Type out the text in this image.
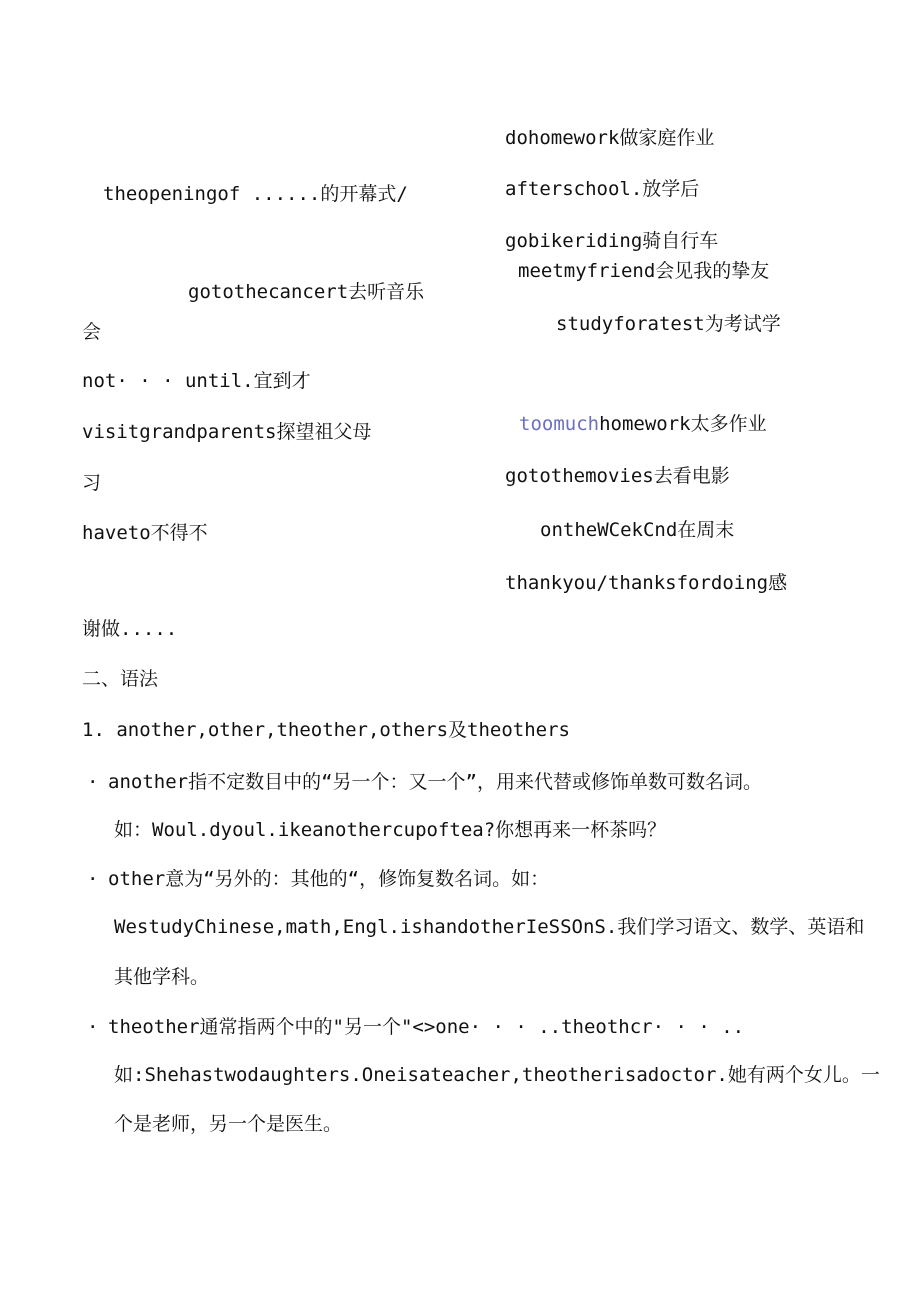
dohomework做家庭作业
afterschool.放学后
gobikeriding骑自行车
meetmyfriend会见我的挚友
studyforatest为考试学
theopeningof ......的开幕式/
gotothecancert去听音乐
会
not· · · until.宜到才
visitgrandparents探望祖父母
习
haveto不得不
toomuchhomework太多作业
gotothemovies去看电影
ontheWCekCnd在周末
thankyou/thanksfordoing感
谢做.....
二、语法
1. another,other,theother,others及theothers
· another指不定数目中的“另一个：又一个”，用来代替或修饰单数可数名词。
如：Woul.dyoul.ikeanothercupoftea?你想再来一杯茶吗？
· other意为“另外的：其他的“，修饰复数名词。如：
WestudyChinese,math,Engl.ishandotherIeSSOnS.我们学习语文、数学、英语和
其他学科。
· theother通常指两个中的"另一个"<>one· · · ..theothcr· · · ..
如:Shehastwodaughters.Oneisateacher,theotherisadoctor.她有两个女儿。一
个是老师，另一个是医生。
